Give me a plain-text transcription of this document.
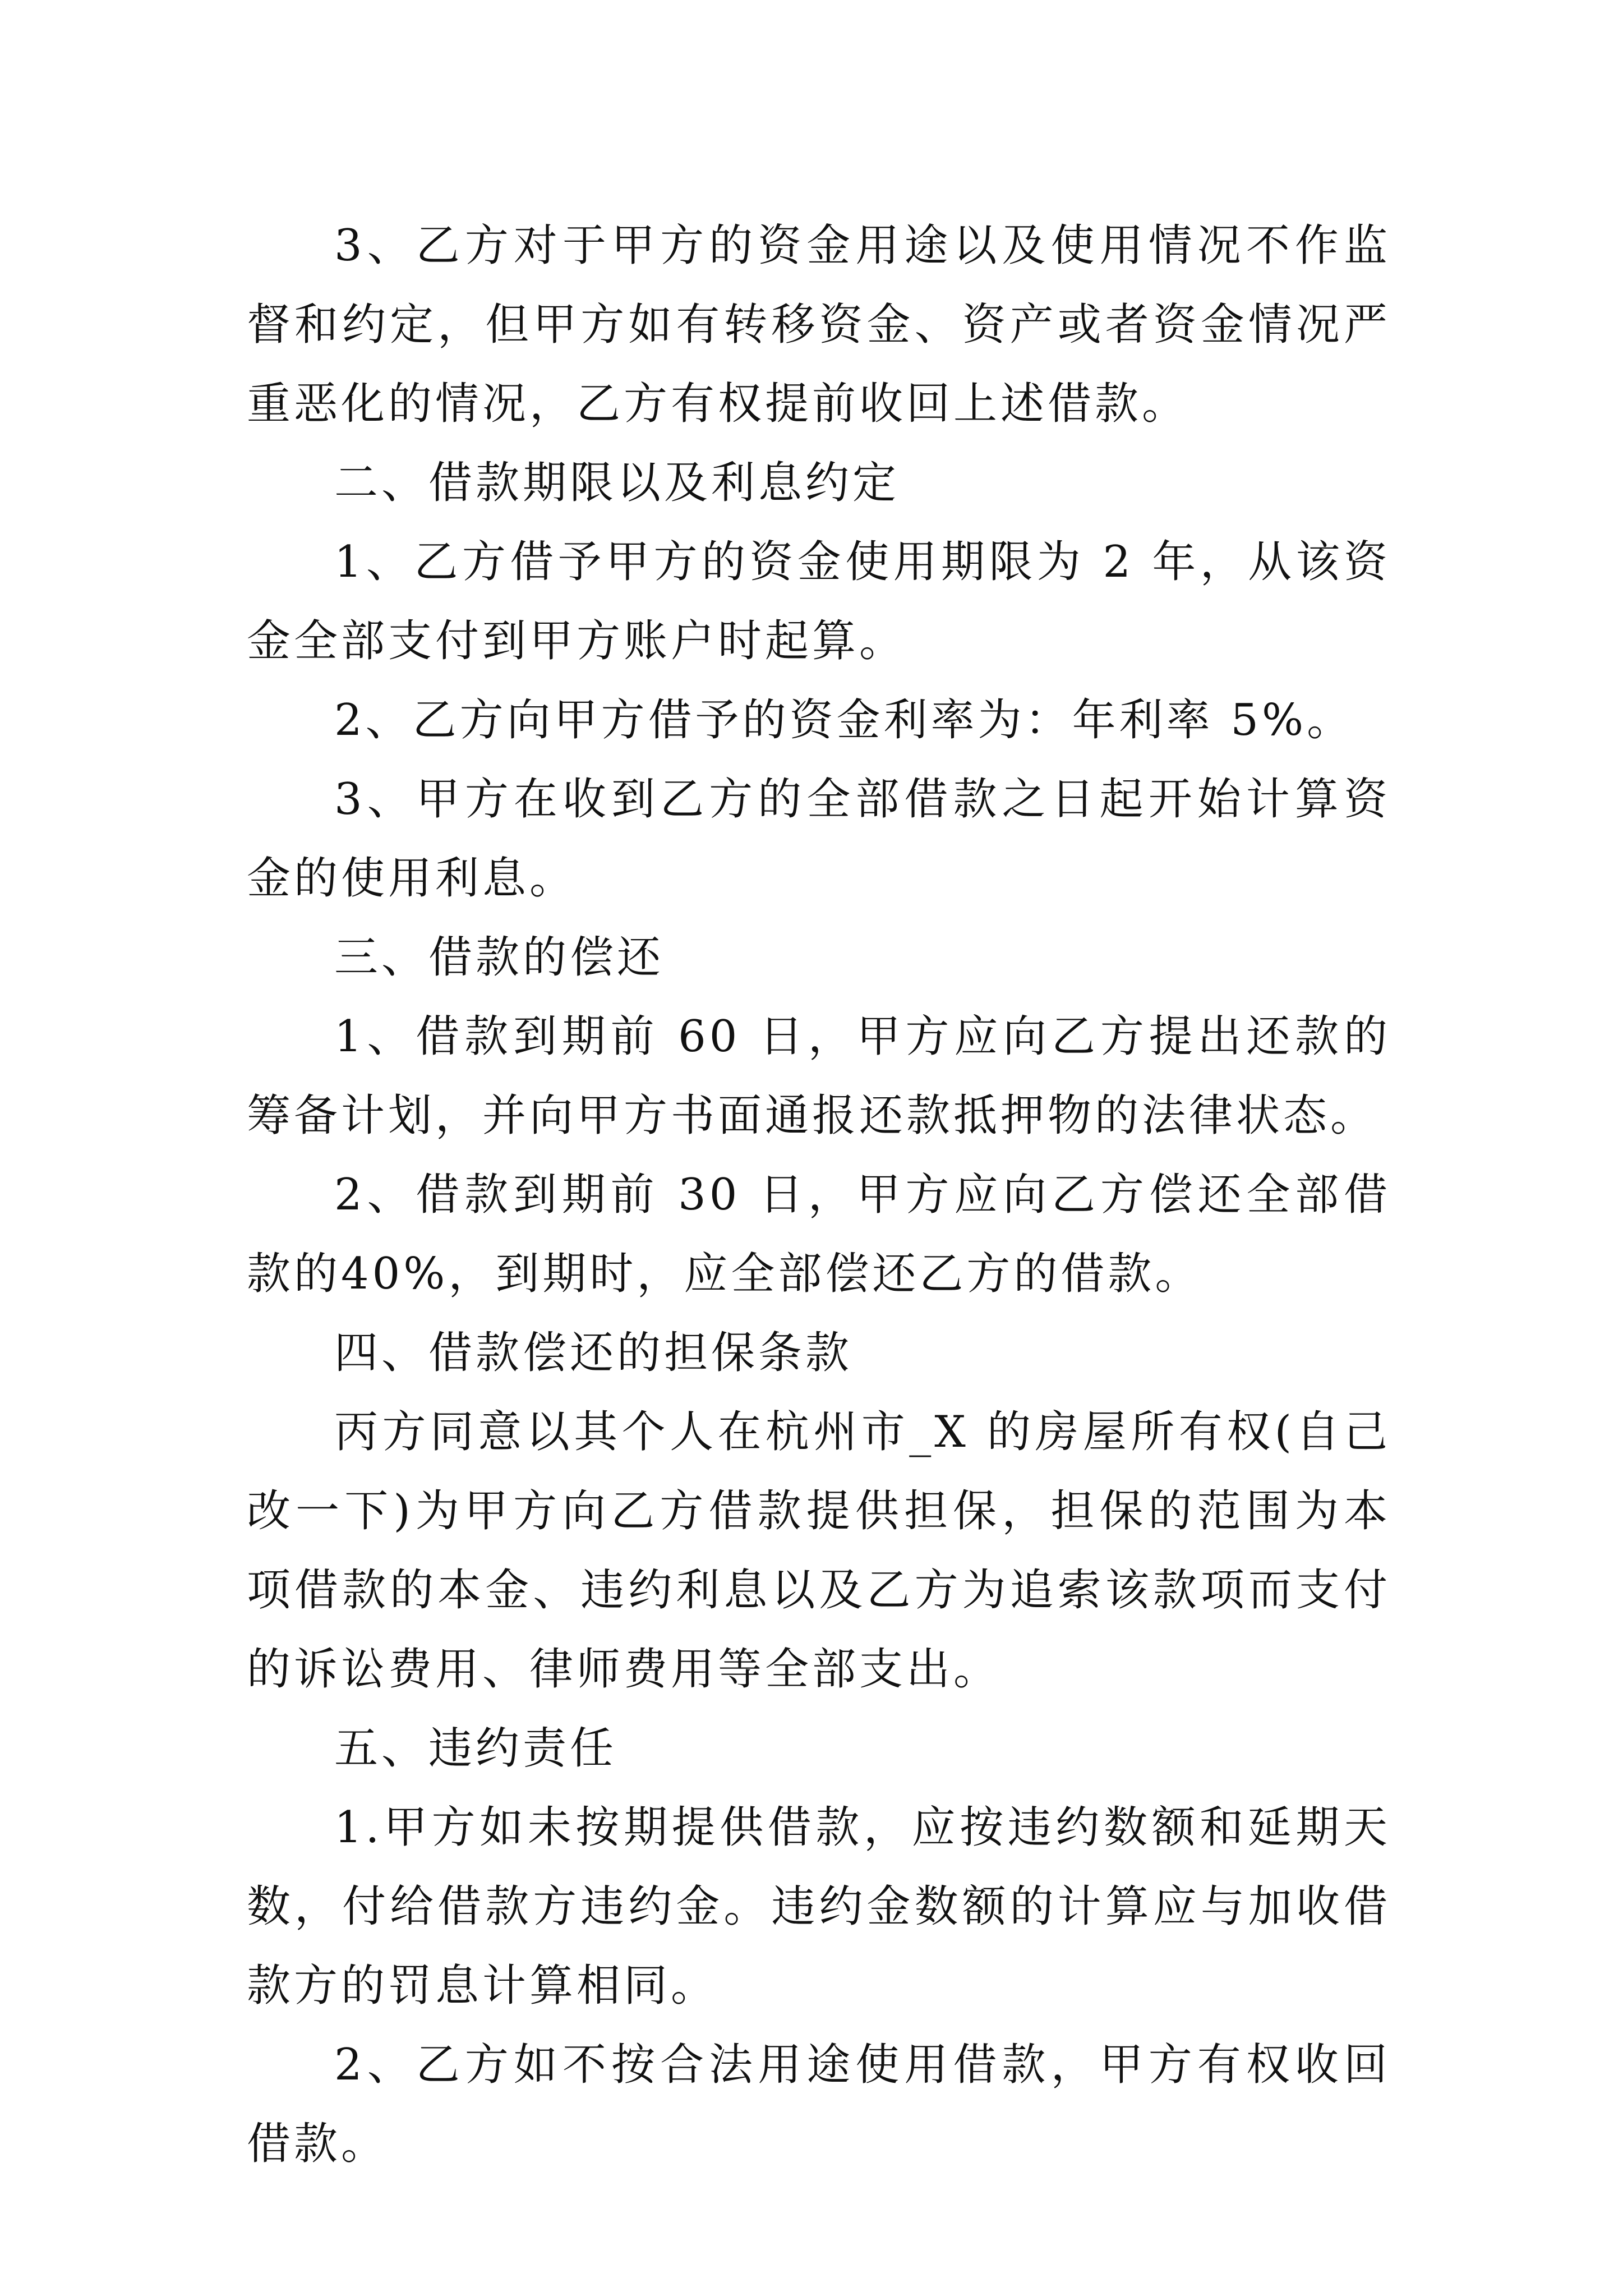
3、乙方对于甲方的资金用途以及使用情况不作监督和约定，但甲方如有转移资金、资产或者资金情况严重恶化的情况，乙方有权提前收回上述借款。

二、借款期限以及利息约定

1、乙方借予甲方的资金使用期限为 2 年，从该资金全部支付到甲方账户时起算。

2、乙方向甲方借予的资金利率为：年利率 5%。

3、甲方在收到乙方的全部借款之日起开始计算资金的使用利息。

三、借款的偿还

1、借款到期前 60 日，甲方应向乙方提出还款的筹备计划，并向甲方书面通报还款抵押物的法律状态。

2、借款到期前 30 日，甲方应向乙方偿还全部借款的40%，到期时，应全部偿还乙方的借款。

四、借款偿还的担保条款

丙方同意以其个人在杭州市_X 的房屋所有权(自己改一下)为甲方向乙方借款提供担保，担保的范围为本项借款的本金、违约利息以及乙方为追索该款项而支付的诉讼费用、律师费用等全部支出。

五、违约责任

1.甲方如未按期提供借款，应按违约数额和延期天数，付给借款方违约金。违约金数额的计算应与加收借款方的罚息计算相同。

2、乙方如不按合法用途使用借款，甲方有权收回借款。
